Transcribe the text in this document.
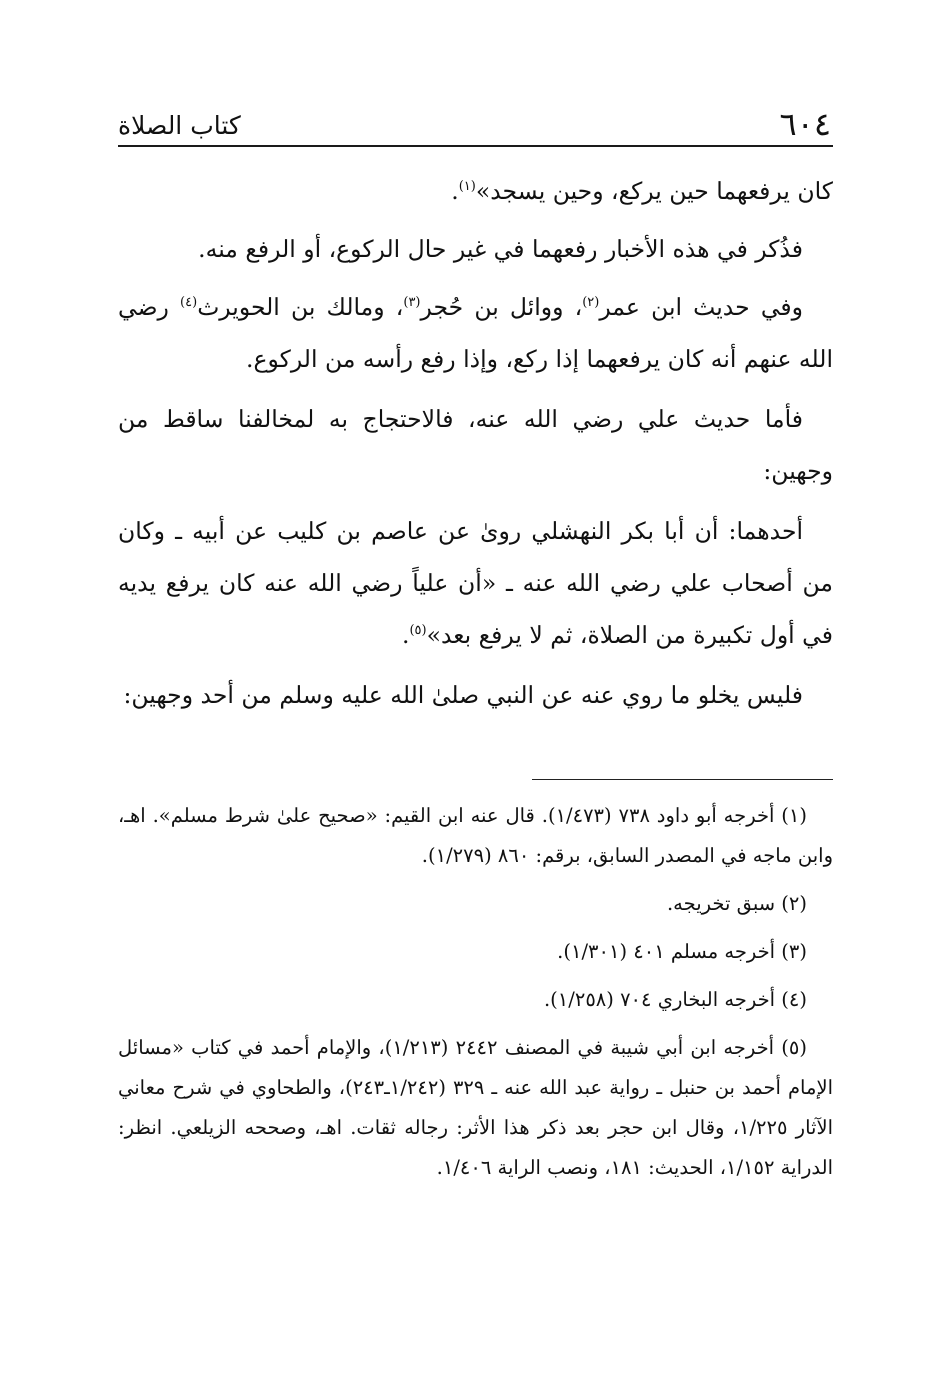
٦٠٤
كتاب الصلاة

كان يرفعهما حين يركع، وحين يسجد»$^{(١)}$.

فذُكر في هذه الأخبار رفعهما في غير حال الركوع، أو الرفع منه.

وفي حديث ابن عمر$^{(٢)}$، ووائل بن حُجر$^{(٣)}$، ومالك بن الحويرث$^{(٤)}$ رضي الله عنهم أنه كان يرفعهما إذا ركع، وإذا رفع رأسه من الركوع.

فأما حديث علي رضي الله عنه، فالاحتجاج به لمخالفنا ساقط من وجهين:

أحدهما: أن أبا بكر النهشلي روىٰ عن عاصم بن كليب عن أبيه ـ وكان من أصحاب علي رضي الله عنه ـ «أن علياً رضي الله عنه كان يرفع يديه في أول تكبيرة من الصلاة، ثم لا يرفع بعد»$^{(٥)}$.

فليس يخلو ما روي عنه عن النبي صلىٰ الله عليه وسلم من أحد وجهين:

(١) أخرجه أبو داود ٧٣٨ (١/٤٧٣). قال عنه ابن القيم: «صحيح علىٰ شرط مسلم». اهـ، وابن ماجه في المصدر السابق، برقم: ٨٦٠ (١/٢٧٩).

(٢) سبق تخريجه.

(٣) أخرجه مسلم ٤٠١ (١/٣٠١).

(٤) أخرجه البخاري ٧٠٤ (١/٢٥٨).

(٥) أخرجه ابن أبي شيبة في المصنف ٢٤٤٢ (١/٢١٣)، والإمام أحمد في كتاب «مسائل الإمام أحمد بن حنبل ـ رواية عبد الله عنه ـ ٣٢٩ (١/٢٤٢ـ٢٤٣)، والطحاوي في شرح معاني الآثار ١/٢٢٥، وقال ابن حجر بعد ذكر هذا الأثر: رجاله ثقات. اهـ، وصححه الزيلعي. انظر: الدراية ١/١٥٢، الحديث: ١٨١، ونصب الراية ١/٤٠٦.
